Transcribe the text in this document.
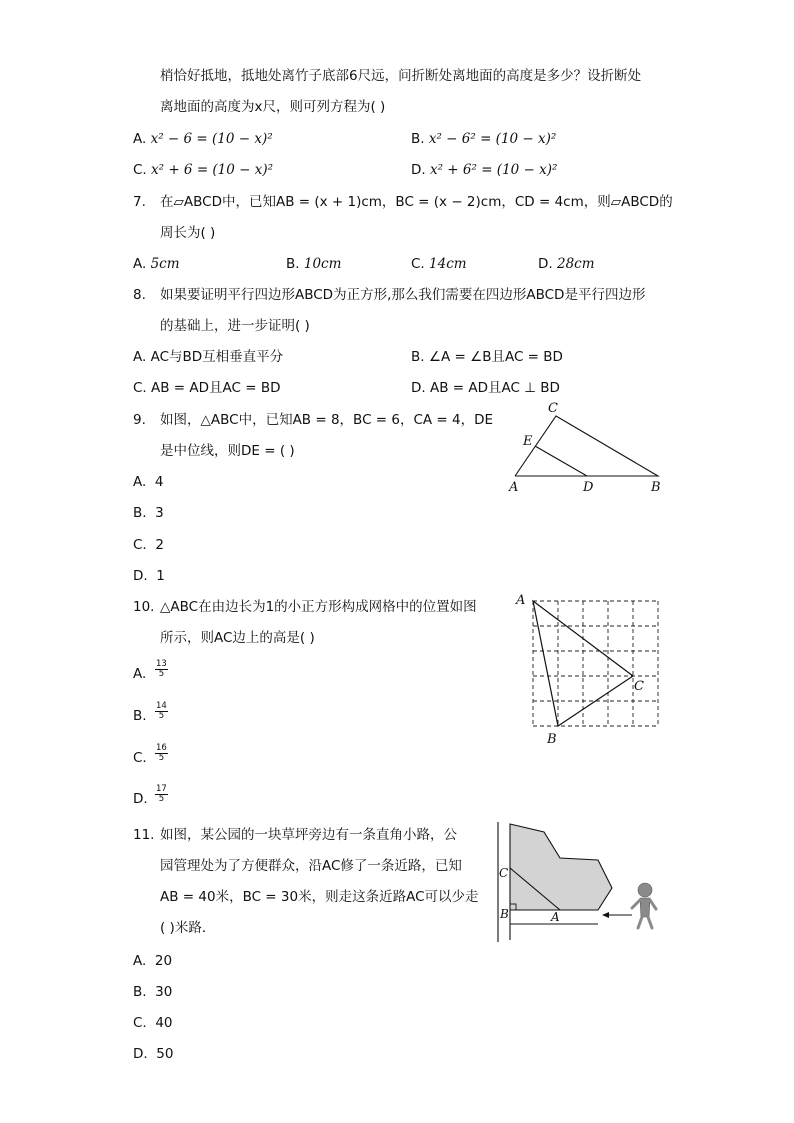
梢恰好抵地，抵地处离竹子底部6尺远，问折断处离地面的高度是多少？设折断处
离地面的高度为x尺，则可列方程为( )
A. x² − 6 = (10 − x)²	B. x² − 6² = (10 − x)²
C. x² + 6 = (10 − x)²	D. x² + 6² = (10 − x)²
7. 在▱ABCD中，已知AB = (x + 1)cm，BC = (x − 2)cm，CD = 4cm，则▱ABCD的
周长为( )
A. 5cm	B. 10cm	C. 14cm	D. 28cm
8. 如果要证明平行四边形ABCD为正方形,那么我们需要在四边形ABCD是平行四边形
的基础上，进一步证明( )
A. AC与BD互相垂直平分	B. ∠A = ∠B且AC = BD
C. AB = AD且AC = BD	D. AB = AD且AC ⊥ BD
9. 如图，△ABC中，已知AB = 8，BC = 6，CA = 4，DE
是中位线，则DE = ( )
A. 4
B. 3
C. 2
D. 1
C
E
A	D	B
10. △ABC在由边长为1的小正方形构成网格中的位置如图
所示，则AC边上的高是( )
A.
13
5
B.
14
5
C.
16
5
D.
17
5
A
C
B
11. 如图，某公园的一块草坪旁边有一条直角小路，公
园管理处为了方便群众，沿AC修了一条近路，已知
AB = 40米，BC = 30米，则走这条近路AC可以少走
( )米路．
A. 20
B. 30
C. 40
D. 50
C
B	A
